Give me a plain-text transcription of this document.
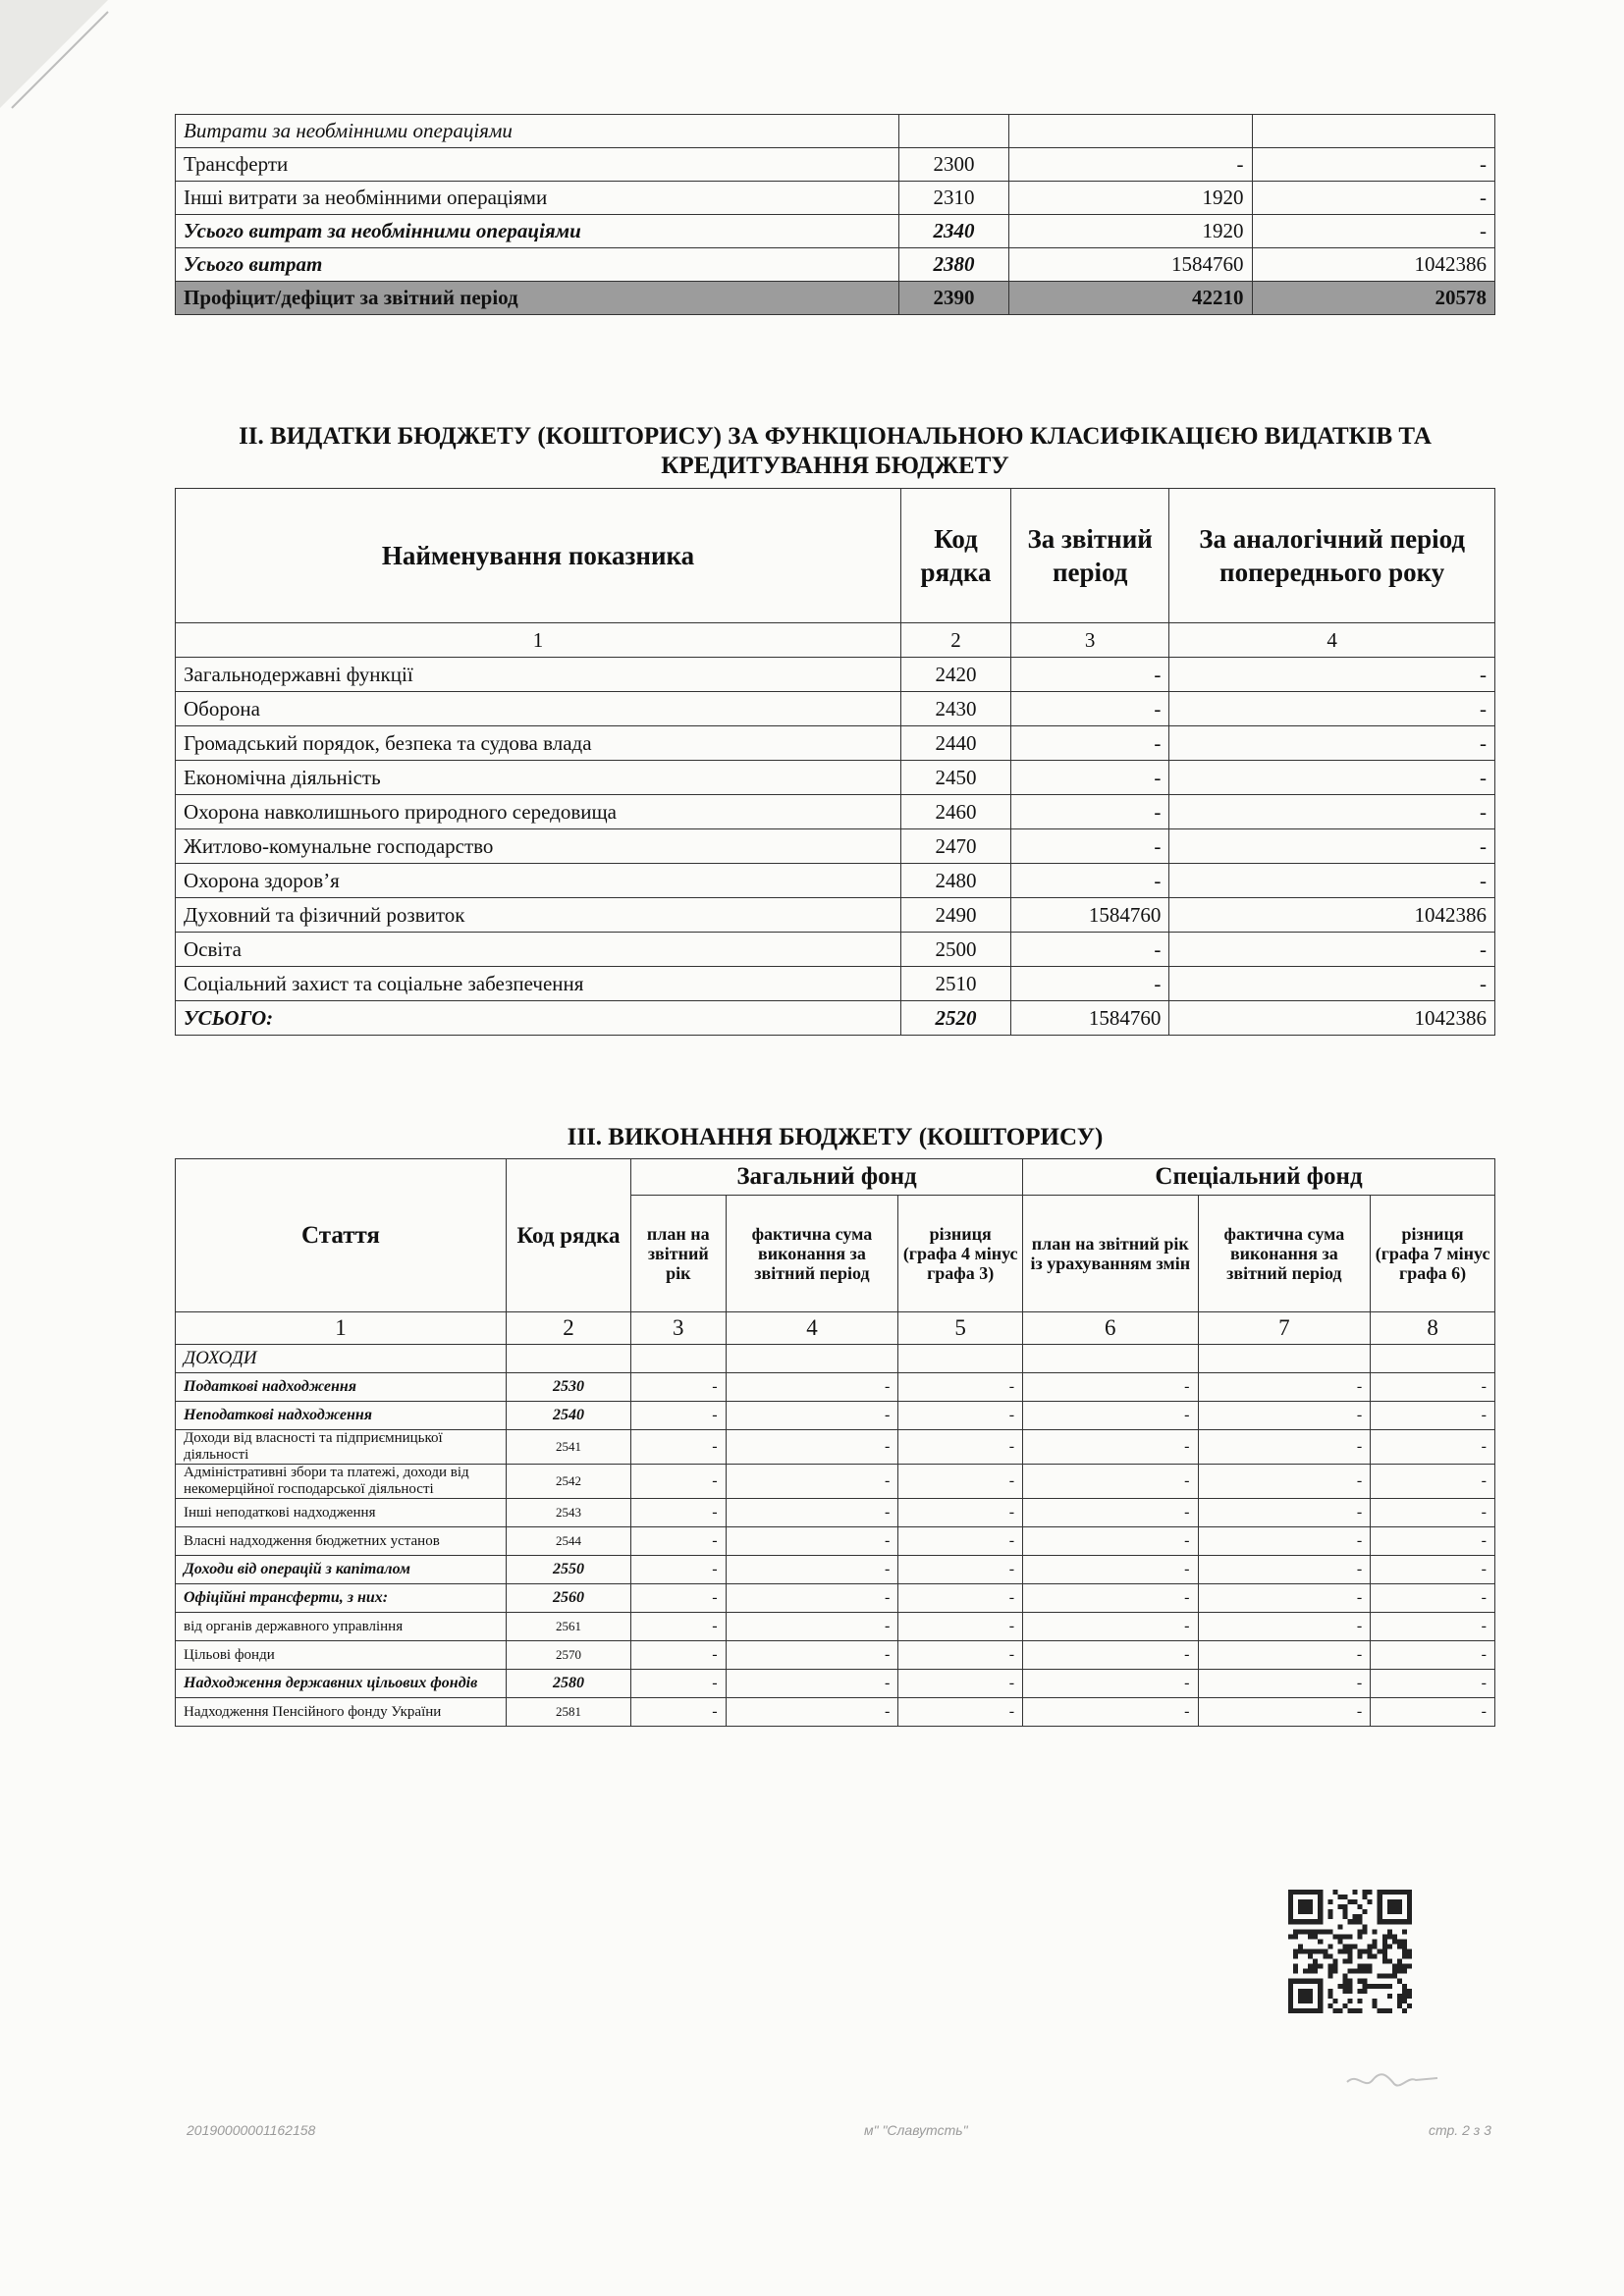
Витрати за необмінними операціями			
Трансферти	2300	-	-
Інші витрати за необмінними операціями	2310	1920	-
Усього витрат за необмінними операціями	2340	1920	-
Усього витрат	2380	1584760	1042386
Профіцит/дефіцит за звітний період	2390	42210	20578
ІІ. ВИДАТКИ БЮДЖЕТУ (КОШТОРИСУ) ЗА ФУНКЦІОНАЛЬНОЮ КЛАСИФІКАЦІЄЮ ВИДАТКІВ ТА
КРЕДИТУВАННЯ БЮДЖЕТУ
Найменування показника	Код рядка	За звітний період	За аналогічний період попереднього року
1	2	3	4
Загальнодержавні функції	2420	-	-
Оборона	2430	-	-
Громадський порядок, безпека та судова влада	2440	-	-
Економічна діяльність	2450	-	-
Охорона навколишнього природного середовища	2460	-	-
Житлово-комунальне господарство	2470	-	-
Охорона здоров’я	2480	-	-
Духовний та фізичний розвиток	2490	1584760	1042386
Освіта	2500	-	-
Соціальний захист та соціальне забезпечення	2510	-	-
УСЬОГО:	2520	1584760	1042386
ІІІ. ВИКОНАННЯ БЮДЖЕТУ (КОШТОРИСУ)
Стаття	Код рядка	Загальний фонд			Спеціальний фонд		
		план на звітний рік	фактична сума виконання за звітний період	різниця (графа 4 мінус графа 3)	план на звітний рік із урахуванням змін	фактична сума виконання за звітний період	різниця (графа 7 мінус графа 6)
1	2	3	4	5	6	7	8
ДОХОДИ							
Податкові надходження	2530	-	-	-	-	-	-
Неподаткові надходження	2540	-	-	-	-	-	-
Доходи від власності та підприємницької діяльності	2541	-	-	-	-	-	-
Адміністративні збори та платежі, доходи від некомерційної господарської діяльності	2542	-	-	-	-	-	-
Інші неподаткові надходження	2543	-	-	-	-	-	-
Власні надходження бюджетних установ	2544	-	-	-	-	-	-
Доходи від операцій з капіталом	2550	-	-	-	-	-	-
Офіційні трансферти, з них:	2560	-	-	-	-	-	-
від органів державного управління	2561	-	-	-	-	-	-
Цільові фонди	2570	-	-	-	-	-	-
Надходження державних цільових фондів	2580	-	-	-	-	-	-
Надходження Пенсійного фонду України	2581	-	-	-	-	-	-
20190000001162158	м" "Славутсть"	стр. 2 з 3
